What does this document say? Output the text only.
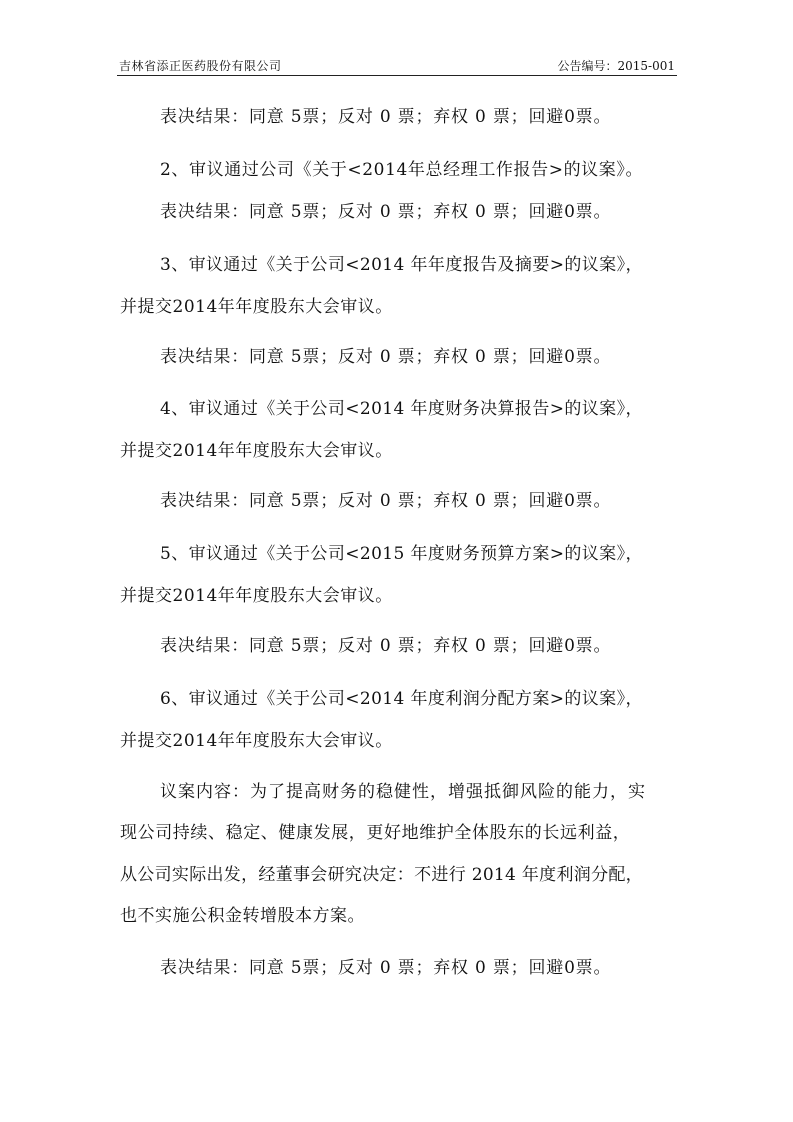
吉林省添正医药股份有限公司	公告编号：2015-001
表决结果：同意 5票；反对 0 票；弃权 0 票；回避0票。
2、审议通过公司《关于<2014年总经理工作报告>的议案》。
表决结果：同意 5票；反对 0 票；弃权 0 票；回避0票。
3、审议通过《关于公司<2014 年年度报告及摘要>的议案》，
并提交2014年年度股东大会审议。
表决结果：同意 5票；反对 0 票；弃权 0 票；回避0票。
4、审议通过《关于公司<2014 年度财务决算报告>的议案》，
并提交2014年年度股东大会审议。
表决结果：同意 5票；反对 0 票；弃权 0 票；回避0票。
5、审议通过《关于公司<2015 年度财务预算方案>的议案》，
并提交2014年年度股东大会审议。
表决结果：同意 5票；反对 0 票；弃权 0 票；回避0票。
6、审议通过《关于公司<2014 年度利润分配方案>的议案》，
并提交2014年年度股东大会审议。
议案内容：为了提高财务的稳健性，增强抵御风险的能力，实
现公司持续、稳定、健康发展，更好地维护全体股东的长远利益，
从公司实际出发，经董事会研究决定：不进行 2014 年度利润分配，
也不实施公积金转增股本方案。
表决结果：同意 5票；反对 0 票；弃权 0 票；回避0票。
